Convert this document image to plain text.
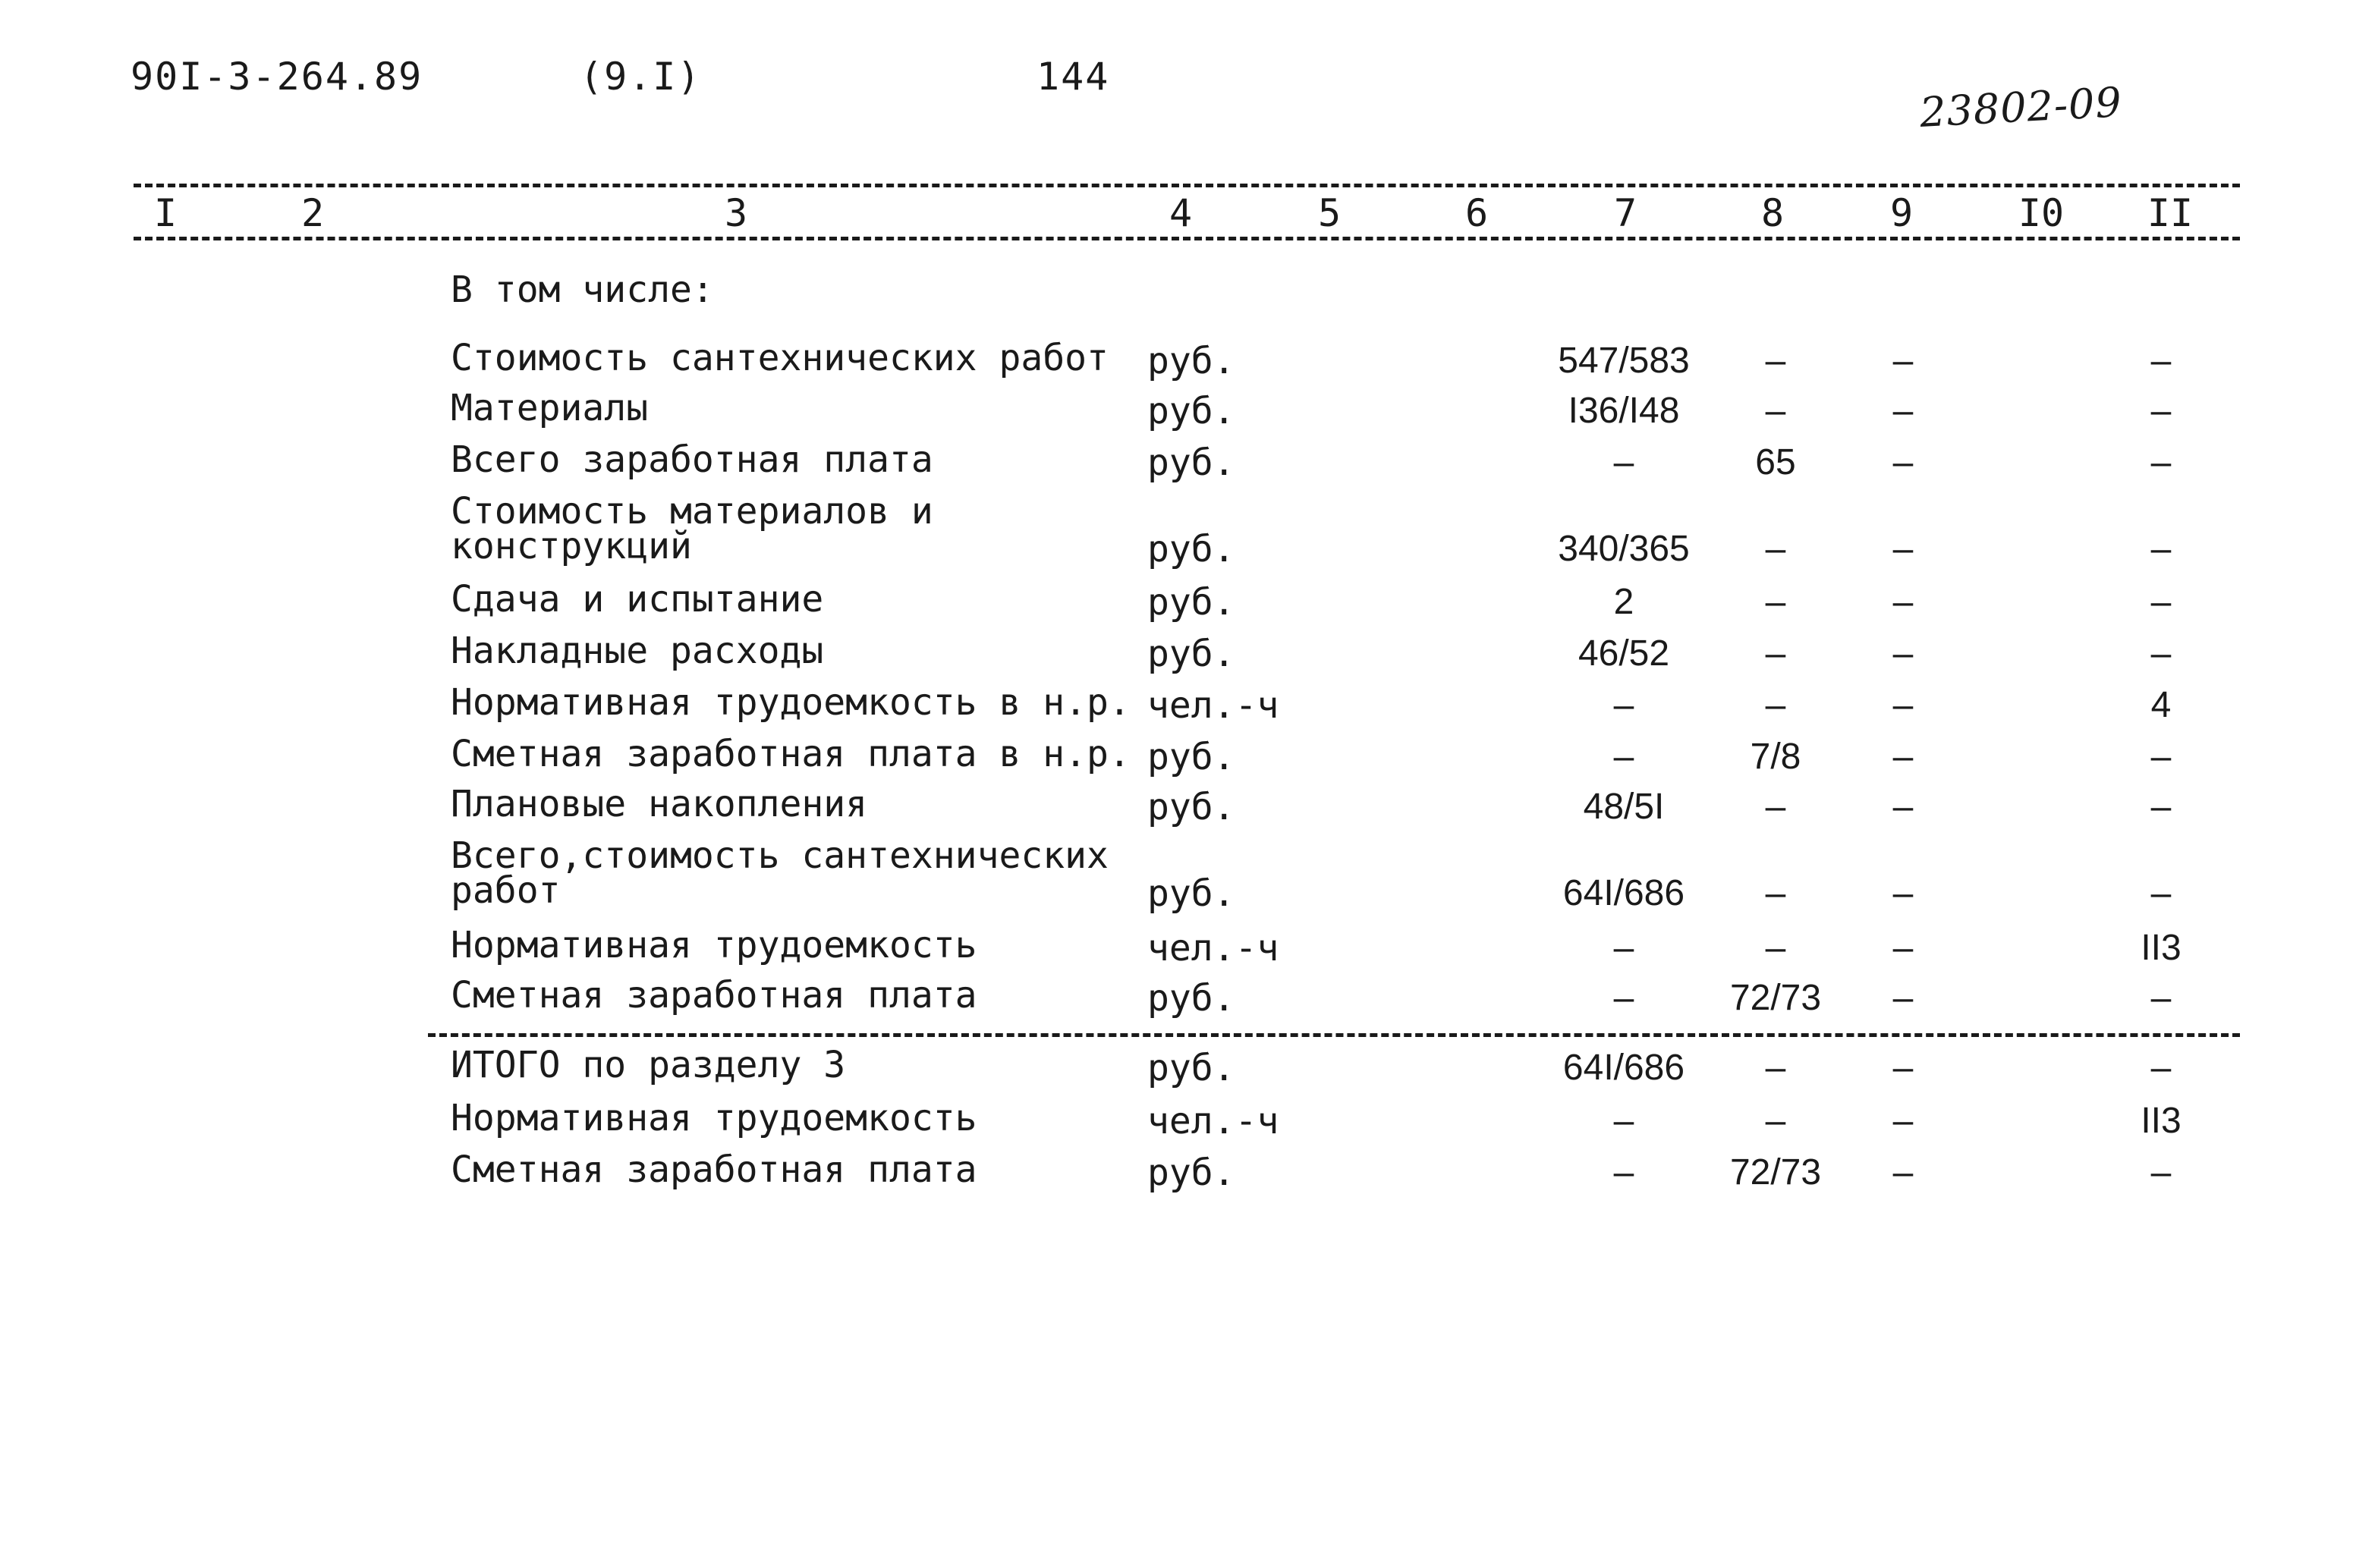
90I-3-264.89	(9.I)	144
23802-09
I	2	3	4	5	6	7	8	9	I0 II
В том числе:
Стоимость сантехнических работ руб.	547/583 –	–	–
Материалы	руб.	I36/I48 –	–	–
Всего заработная плата	руб.	–	65	–	–
Стоимость материалов и
конструкций	руб.	340/365 –	–	–
Сдача и испытание	руб.	2	–	–	–
Накладные расходы	руб.	46/52	–	–	–
Нормативная трудоемкость в н.р. чел.-ч	–	–	–	4
Сметная заработная плата в н.р. руб.	–	7/8	–	–
Плановые накопления	руб.	48/5I	–	–	–
Всего,стоимость сантехнических
работ	руб.	64I/686 –	–	–
Нормативная трудоемкость	чел.-ч	–	–	–	II3
Сметная заработная плата	руб.	–	72/73 –	–
ИТОГО по разделу 3	руб.	64I/686 –	–	–
Нормативная трудоемкость	чел.-ч	–	–	–	II3
Сметная заработная плата	руб.	–	72/73 –	–
